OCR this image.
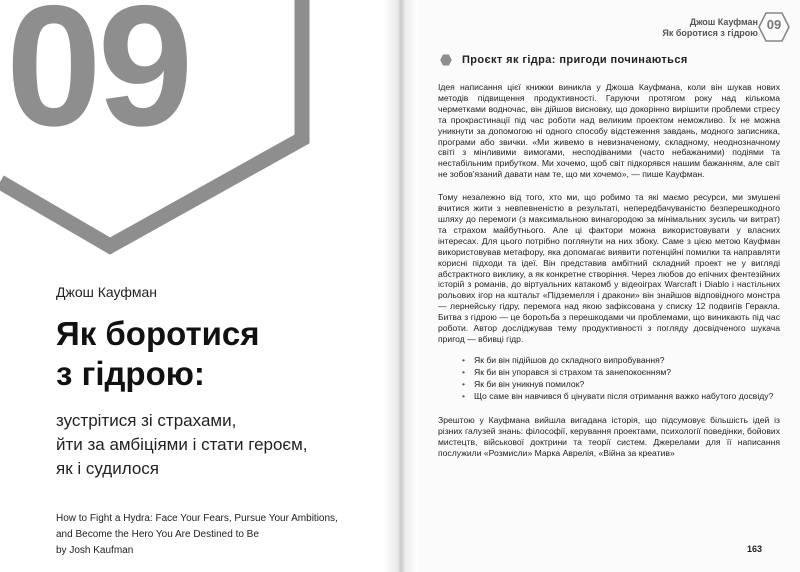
09
Джош Кауфман
Як боротися
з гідрою:
зустрітися зі страхами,
йти за амбіціями і стати героєм,
як і судилося
How to Fight a Hydra: Face Your Fears, Pursue Your Ambitions,
and Become the Hero You Are Destined to Be
by Josh Kaufman
Джош Кауфман
Як боротися з гідрою
09
Проєкт як гідра: пригоди починаються

Ідея написання цієї книжки виникла у Джоша Кауфмана, коли він шукав нових методів підвищення продуктивності. Гаруючи протягом року над кількома черметками водночас, він дійшов висновку, що докорінно вирішити проблеми стресу та прокрастинації під час роботи над великим проектом неможливо. Їх не можна уникнути за допомогою ні одного способу відстеження завдань, модного записника, програми або звички. «Ми живемо в невизначеному, складному, неоднозначному світі з мінливими вимогами, несподіваними (часто небажаними) подіями та нестабільним прибутком. Ми хочемо, щоб світ підкорявся нашим бажанням, але світ не зобов'язаний давати нам те, що ми хочемо», — пише Кауфман.

Тому незалежно від того, хто ми, що робимо та які маємо ресурси, ми змушені вчитися жити з невпевненістю в результаті, непередбачуваністю безперешкодного шляху до перемоги (з максимальною винагородою за мінімальних зусиль чи витрат) та страхом майбутнього. Але ці фактори можна використовувати у власних інтересах. Для цього потрібно поглянути на них збоку. Саме з цією метою Кауфман використовував метафору, яка допомагає виявити потенційні помилки та направляти корисні підходи та ідеї. Він представив амбітний складний проект не у вигляді абстрактного виклику, а як конкретне створіння. Через любов до епічних фентезійних історій з романів, до віртуальних катакомб у відеоіграх Warcraft і Diablo і настільних рольових ігор на кштальт «Підземелля і дракони» він знайшов відповідного монстра — лернейську гідру, перемога над якою зафіксована у списку 12 подвигів Геракла. Битва з гідрою — це боротьба з перешкодами чи проблемами, що виникають під час роботи. Автор досліджував тему продуктивності з погляду досвідченого шукача пригод — вбивці гідр.

• Як би він підійшов до складного випробування?
• Як би він упорався зі страхом та занепокоєнням?
• Як би він уникнув помилок?
• Що саме він навчився б цінувати після отримання важко набутого досвіду?

Зрештою у Кауфмана вийшла вигадана історія, що підсумовує більшість ідей із різних галузей знань: філософії, керування проектами, психології поведінки, бойових мистецтв, військової доктрини та теорії систем. Джерелами для її написання послужили «Розмисли» Марка Аврелія, «Війна за креатив»

163
